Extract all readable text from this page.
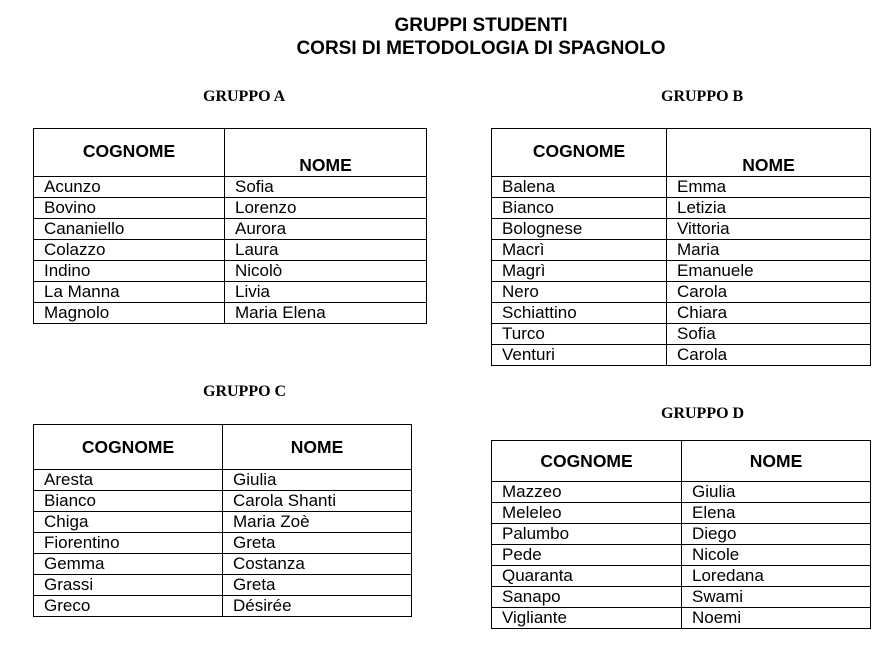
GRUPPI STUDENTI
CORSI DI METODOLOGIA DI SPAGNOLO
GRUPPO A
COGNOME	NOME
Acunzo	Sofia
Bovino	Lorenzo
Cananiello	Aurora
Colazzo	Laura
Indino	Nicolò
La Manna	Livia
Magnolo	Maria Elena
GRUPPO B
COGNOME	NOME
Balena	Emma
Bianco	Letizia
Bolognese	Vittoria
Macrì	Maria
Magrì	Emanuele
Nero	Carola
Schiattino	Chiara
Turco	Sofia
Venturi	Carola
GRUPPO C
COGNOME	NOME
Aresta	Giulia
Bianco	Carola Shanti
Chiga	Maria Zoè
Fiorentino	Greta
Gemma	Costanza
Grassi	Greta
Greco	Désirée
GRUPPO D
COGNOME	NOME
Mazzeo	Giulia
Meleleo	Elena
Palumbo	Diego
Pede	Nicole
Quaranta	Loredana
Sanapo	Swami
Vigliante	Noemi
